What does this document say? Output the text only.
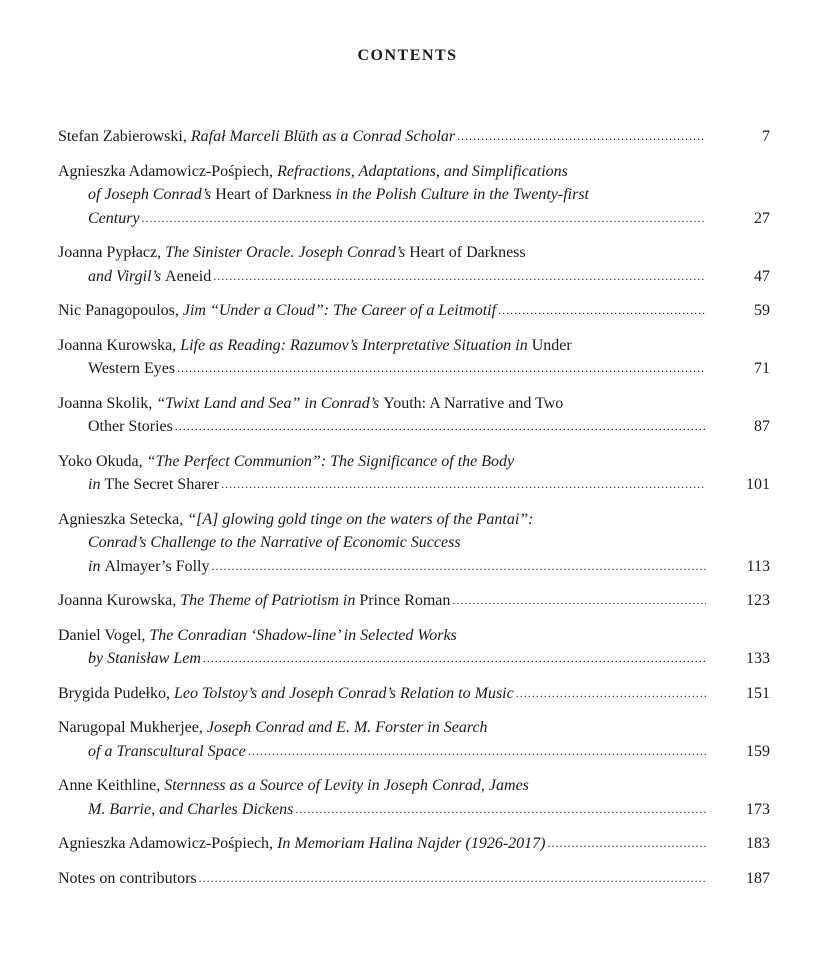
CONTENTS
Stefan Zabierowski, Rafał Marceli Blüth as a Conrad Scholar .....	7
Agnieszka Adamowicz-Pośpiech, Refractions, Adaptations, and Simplifications
of Joseph Conrad’s Heart of Darkness in the Polish Culture in the Twenty-first
Century .....	27
Joanna Pypłacz, The Sinister Oracle. Joseph Conrad’s Heart of Darkness
and Virgil’s Aeneid .....	47
Nic Panagopoulos, Jim “Under a Cloud”: The Career of a Leitmotif .....	59
Joanna Kurowska, Life as Reading: Razumov’s Interpretative Situation in Under
Western Eyes .....	71
Joanna Skolik, “Twixt Land and Sea” in Conrad’s Youth: A Narrative and Two
Other Stories .....	87
Yoko Okuda, “The Perfect Communion”: The Significance of the Body
in The Secret Sharer .....	101
Agnieszka Setecka, “[A] glowing gold tinge on the waters of the Pantai”:
Conrad’s Challenge to the Narrative of Economic Success
in Almayer’s Folly .....	113
Joanna Kurowska, The Theme of Patriotism in Prince Roman .....	123
Daniel Vogel, The Conradian ‘Shadow-line’ in Selected Works
by Stanisław Lem .....	133
Brygida Pudełko, Leo Tolstoy’s and Joseph Conrad’s Relation to Music .....	151
Narugopal Mukherjee, Joseph Conrad and E. M. Forster in Search
of a Transcultural Space .....	159
Anne Keithline, Sternness as a Source of Levity in Joseph Conrad, James
M. Barrie, and Charles Dickens .....	173
Agnieszka Adamowicz-Pośpiech, In Memoriam Halina Najder (1926-2017) .....	183
Notes on contributors .....	187
